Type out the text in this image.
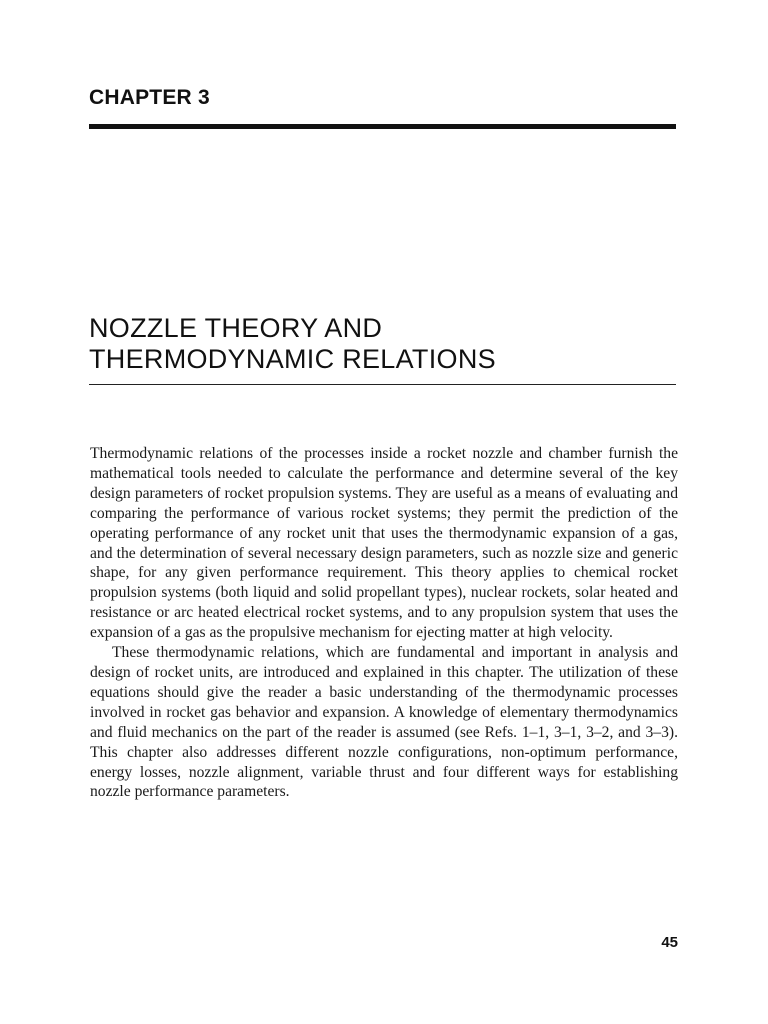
CHAPTER 3
NOZZLE THEORY AND
THERMODYNAMIC RELATIONS

Thermodynamic relations of the processes inside a rocket nozzle and chamber furnish the mathematical tools needed to calculate the performance and determine several of the key design parameters of rocket propulsion systems. They are useful as a means of evaluating and comparing the performance of various rocket systems; they permit the prediction of the operating performance of any rocket unit that uses the thermodynamic expansion of a gas, and the determination of several necessary design parameters, such as nozzle size and generic shape, for any given performance requirement. This theory applies to chemical rocket propulsion systems (both liquid and solid propellant types), nuclear rockets, solar heated and resistance or arc heated electrical rocket systems, and to any propulsion system that uses the expansion of a gas as the propulsive mechanism for ejecting matter at high velocity.

These thermodynamic relations, which are fundamental and important in analysis and design of rocket units, are introduced and explained in this chapter. The utilization of these equations should give the reader a basic understanding of the thermodynamic processes involved in rocket gas behavior and expansion. A knowledge of elementary thermodynamics and fluid mechanics on the part of the reader is assumed (see Refs. 1–1, 3–1, 3–2, and 3–3). This chapter also addresses different nozzle configurations, non-optimum performance, energy losses, nozzle alignment, variable thrust and four different ways for establishing nozzle performance parameters.

45
